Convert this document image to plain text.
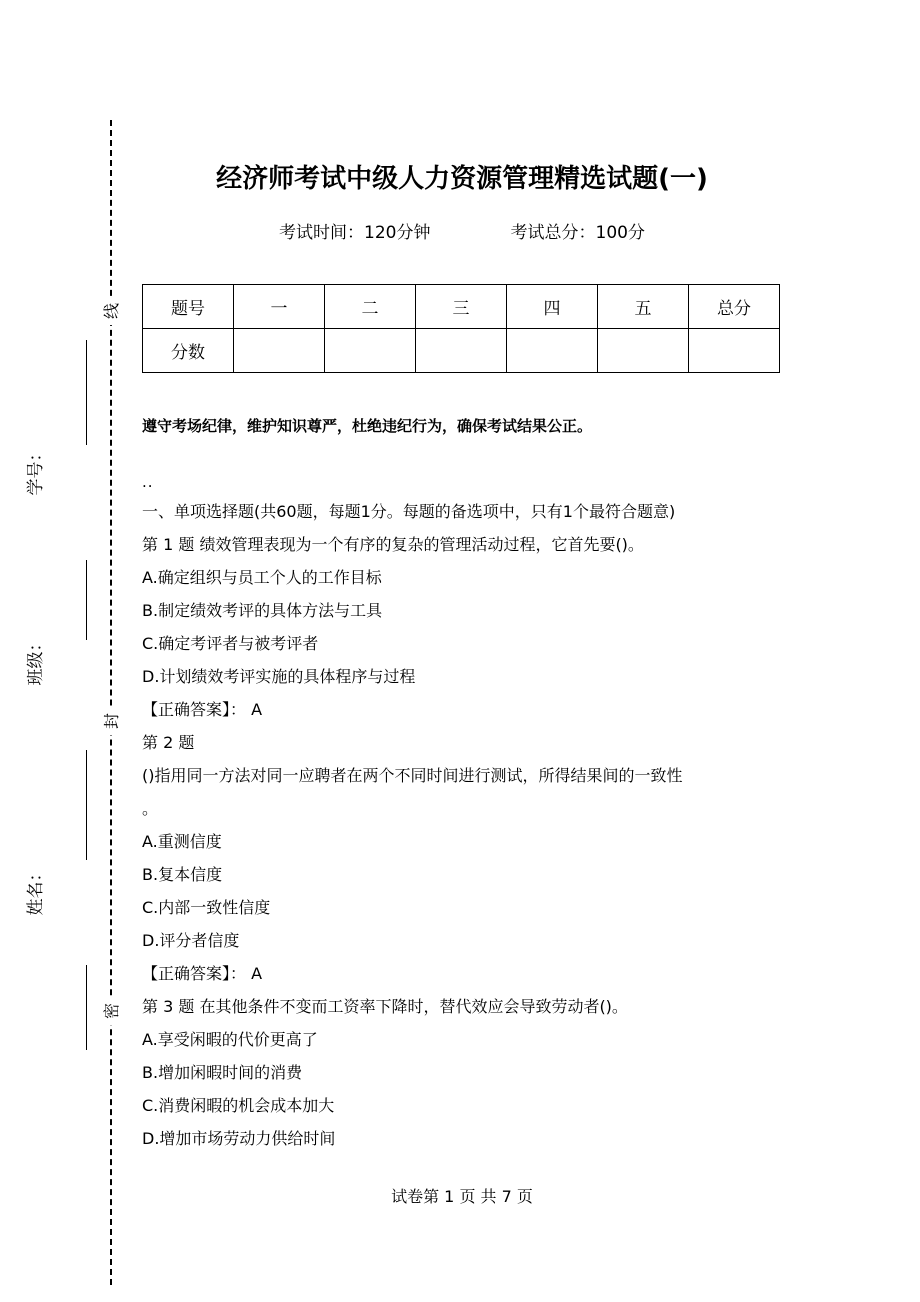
线
封
密
学号：
班级：
姓名：
经济师考试中级人力资源管理精选试题(一)
考试时间：120分钟	考试总分：100分
题号	一	二	三	四	五	总分
分数						
遵守考场纪律，维护知识尊严，杜绝违纪行为，确保考试结果公正。
..
一、单项选择题(共60题，每题1分。每题的备选项中，只有1个最符合题意)
第 1 题 绩效管理表现为一个有序的复杂的管理活动过程，它首先要()。
A.确定组织与员工个人的工作目标
B.制定绩效考评的具体方法与工具
C.确定考评者与被考评者
D.计划绩效考评实施的具体程序与过程
【正确答案】： A
第 2 题
()指用同一方法对同一应聘者在两个不同时间进行测试，所得结果间的一致性
。
A.重测信度
B.复本信度
C.内部一致性信度
D.评分者信度
【正确答案】： A
第 3 题 在其他条件不变而工资率下降时，替代效应会导致劳动者()。
A.享受闲暇的代价更高了
B.增加闲暇时间的消费
C.消费闲暇的机会成本加大
D.增加市场劳动力供给时间
试卷第 1 页 共 7 页
